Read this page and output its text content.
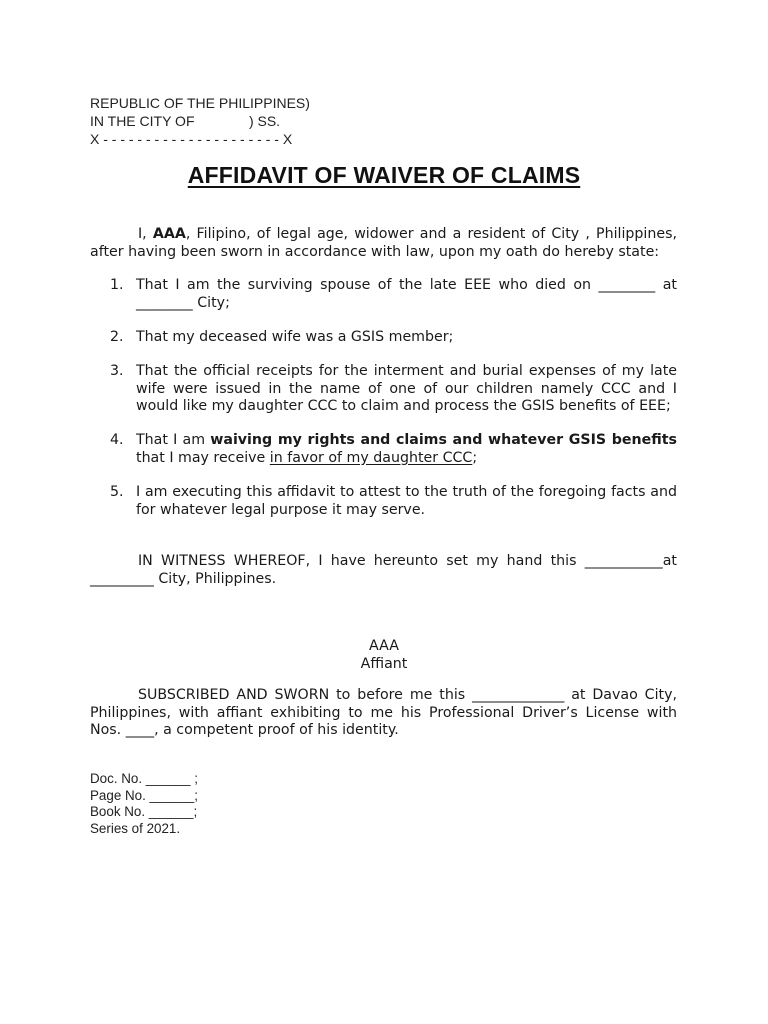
REPUBLIC OF THE PHILIPPINES)
IN THE CITY OF              ) SS.
X - - - - - - - - - - - - - - - - - - - - - X
AFFIDAVIT OF WAIVER OF CLAIMS
I, AAA, Filipino, of legal age, widower and a resident of City , Philippines, after having been sworn in accordance with law, upon my oath do hereby state:
1. That I am the surviving spouse of the late EEE who died on ________ at ________ City;
2. That my deceased wife was a GSIS member;
3. That the official receipts for the interment and burial expenses of my late wife were issued in the name of one of our children namely CCC and I would like my daughter CCC to claim and process the GSIS benefits of EEE;
4. That I am waiving my rights and claims and whatever GSIS benefits that I may receive in favor of my daughter CCC;
5. I am executing this affidavit to attest to the truth of the foregoing facts and for whatever legal purpose it may serve.
IN WITNESS WHEREOF, I have hereunto set my hand this ___________at _________ City, Philippines.
AAA
Affiant
SUBSCRIBED AND SWORN to before me this _____________ at Davao City, Philippines, with affiant exhibiting to me his Professional Driver’s License with Nos. ____, a competent proof of his identity.
Doc. No. ______ ;
Page No. ______;
Book No. ______;
Series of 2021.
